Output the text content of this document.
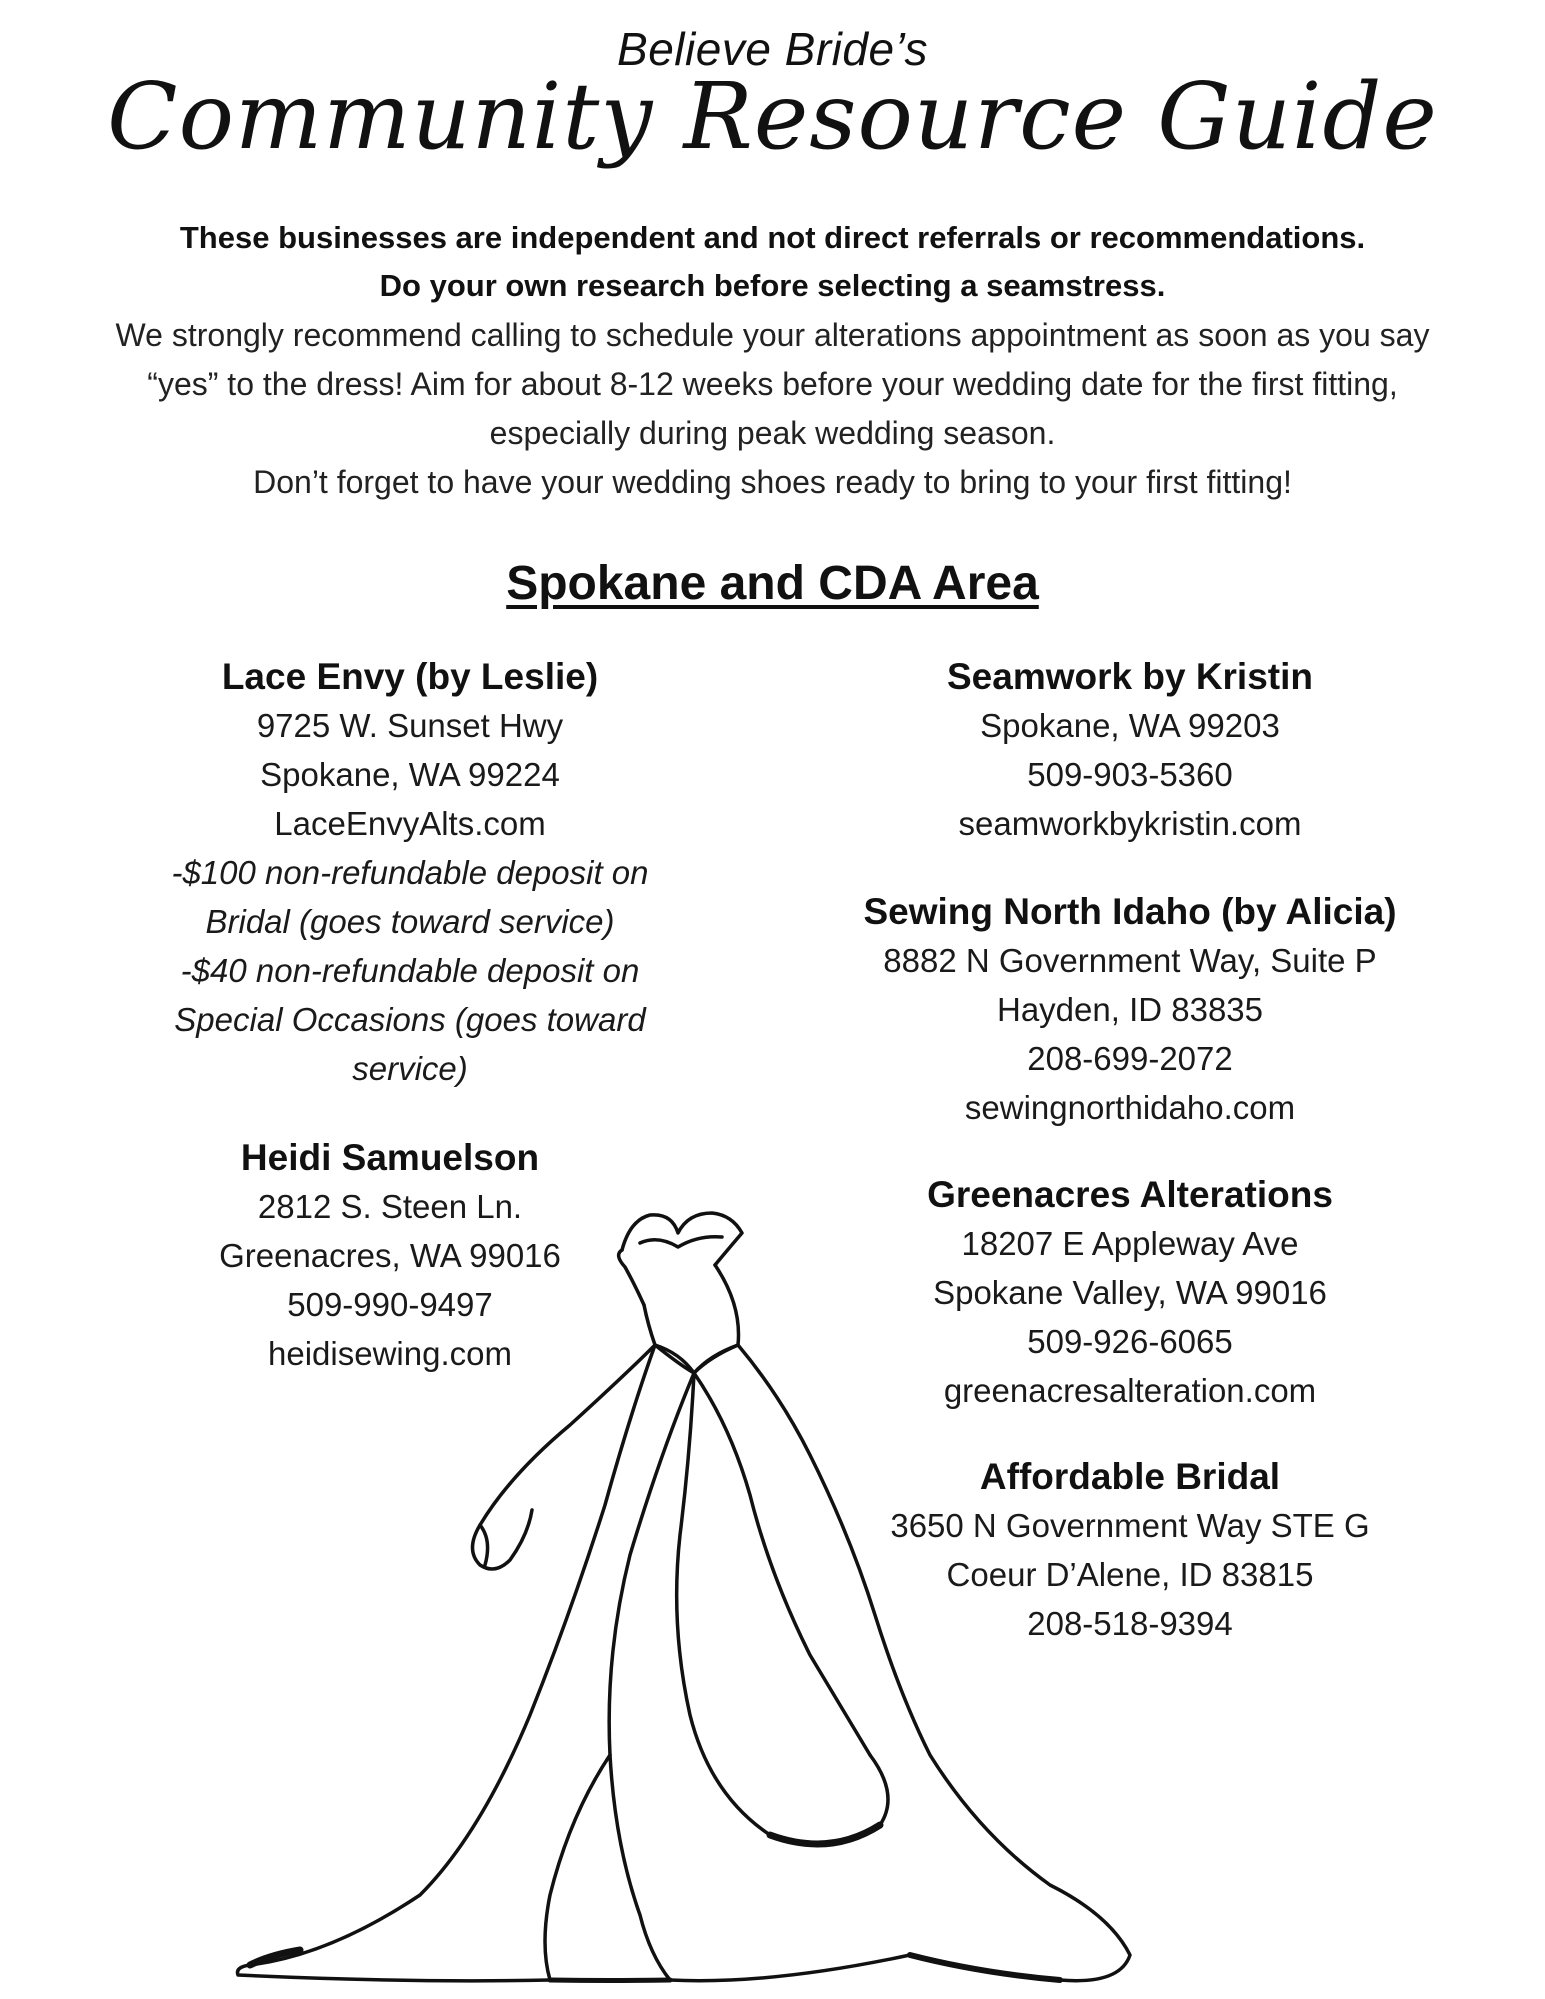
Believe Bride’s
Community Resource Guide
These businesses are independent and not direct referrals or recommendations.
Do your own research before selecting a seamstress.

We strongly recommend calling to schedule your alterations appointment as soon as you say

“yes” to the dress! Aim for about 8-12 weeks before your wedding date for the first fitting,

especially during peak wedding season.

Don’t forget to have your wedding shoes ready to bring to your first fitting!

Spokane and CDA Area
Lace Envy (by Leslie)
9725 W. Sunset Hwy
Spokane, WA 99224
LaceEnvyAlts.com
-$100 non-refundable deposit on
Bridal (goes toward service)
-$40 non-refundable deposit on
Special Occasions (goes toward
service)
Heidi Samuelson
2812 S. Steen Ln.
Greenacres, WA 99016
509-990-9497
heidisewing.com
Seamwork by Kristin
Spokane, WA 99203
509-903-5360
seamworkbykristin.com
Sewing North Idaho (by Alicia)
8882 N Government Way, Suite P
Hayden, ID 83835
208-699-2072
sewingnorthidaho.com
Greenacres Alterations
18207 E Appleway Ave
Spokane Valley, WA 99016
509-926-6065
greenacresalteration.com
Affordable Bridal
3650 N Government Way STE G
Coeur D’Alene, ID 83815
208-518-9394
